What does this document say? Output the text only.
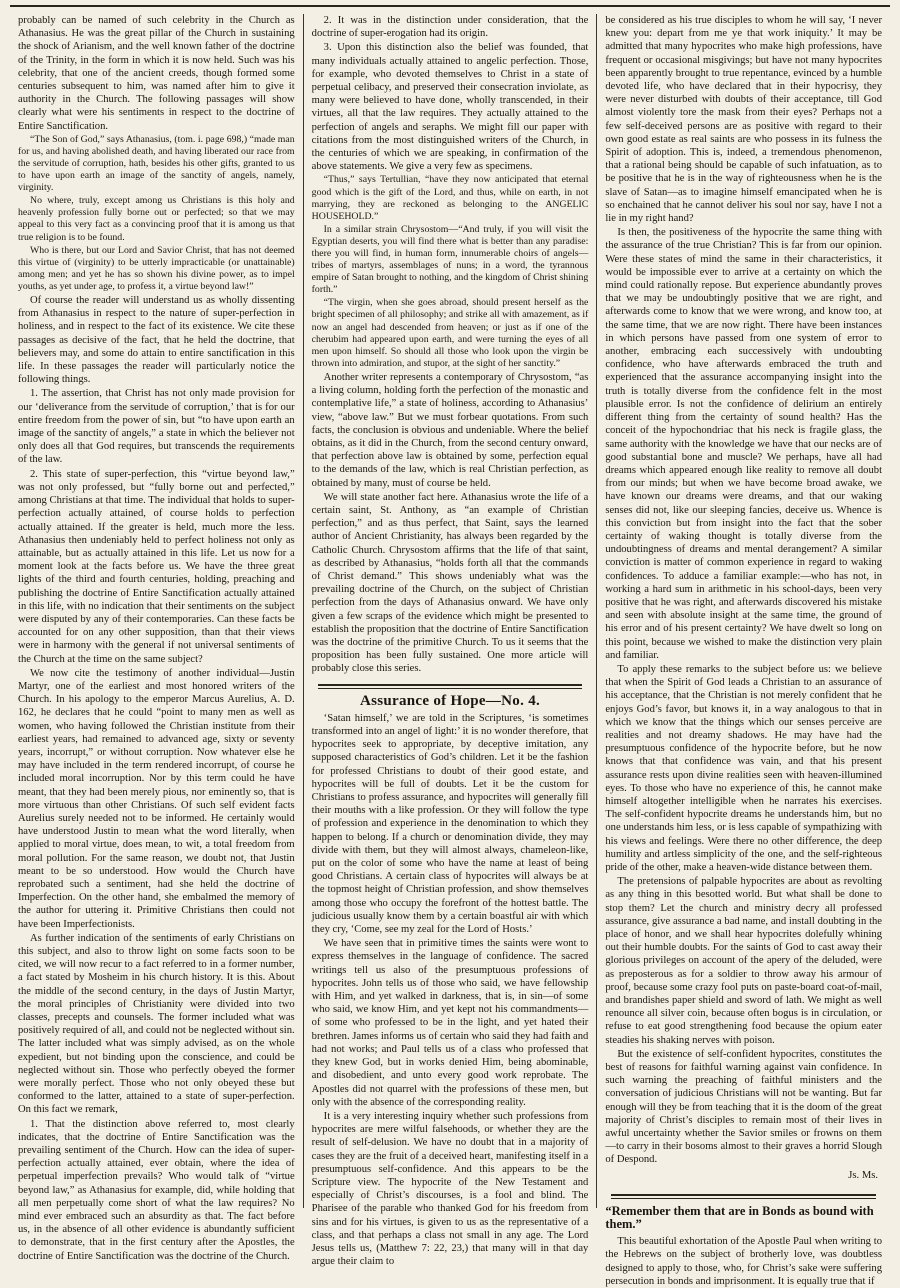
probably can be named of such celebrity in the Church as Athanasius. He was the great pillar of the Church in sustaining the shock of Arianism, and the well known father of the doctrine of the Trinity, in the form in which it is now held. Such was his celebrity, that one of the ancient creeds, though formed some centuries subsequent to him, was named after him to give it authority in the Church. The following passages will show clearly what were his sentiments in respect to the doctrine of Entire Sanctification.

“The Son of God,” says Athanasius, (tom. i. page 698,) “made man for us, and having abolished death, and having liberated our race from the servitude of corruption, hath, besides his other gifts, granted to us to have upon earth an image of the sanctity of angels, namely, virginity.

No where, truly, except among us Christians is this holy and heavenly profession fully borne out or perfected; so that we may appeal to this very fact as a convincing proof that it is among us that true religion is to be found.

Who is there, but our Lord and Savior Christ, that has not deemed this virtue of (virginity) to be utterly impracticable (or unattainable) among men; and yet he has so shown his divine power, as to impel youths, as yet under age, to profess it, a virtue beyond law!”

Of course the reader will understand us as wholly dissenting from Athanasius in respect to the nature of super-perfection in holiness, and in respect to the fact of its existence. We cite these passages as decisive of the fact, that he held the doctrine, that believers may, and some do attain to entire sanctification in this life. In these passages the reader will particularly notice the following things.

1. The assertion, that Christ has not only made provision for our ‘deliverance from the servitude of corruption,’ that is for our entire freedom from the power of sin, but “to have upon earth an image of the sanctity of angels,” a state in which the believer not only does all that God requires, but transcends the requirements of the law.

2. This state of super-perfection, this “virtue beyond law,” was not only professed, but “fully borne out and perfected,” among Christians at that time. The individual that holds to super-perfection actually attained, of course holds to perfection actually attained. If the greater is held, much more the less. Athanasius then undeniably held to perfect holiness not only as attainable, but as actually attained in this life. Let us now for a moment look at the facts before us. We have the three great lights of the third and fourth centuries, holding, preaching and publishing the doctrine of Entire Sanctification actually attained in this life, with no indication that their sentiments on the subject were disputed by any of their contemporaries. Can these facts be accounted for on any other supposition, than that their views were in harmony with the general if not universal sentiments of the Church at the time on the same subject?

We now cite the testimony of another individual—Justin Martyr, one of the earliest and most honored writers of the Church. In his apology to the emperor Marcus Aurelius, A. D. 162, he declares that he could “point to many men as well as women, who having followed the Christian institute from their earliest years, had remained to advanced age, sixty or seventy years, incorrupt,” or without corruption. Now whatever else he may have included in the term rendered incorrupt, of course he included moral incorruption. Nor by this term could he have meant, that they had been merely pious, nor eminently so, that is more virtuous than other Christians. Of such self evident facts Aurelius surely needed not to be informed. He certainly would have understood Justin to mean what the word literally, when applied to moral virtue, does mean, to wit, a total freedom from moral pollution. For the same reason, we doubt not, that Justin meant to be so understood. How would the Church have reprobated such a sentiment, had she held the doctrine of Imperfection. On the other hand, she embalmed the memory of the author for uttering it. Primitive Christians then could not have been Imperfectionists.

As further indication of the sentiments of early Christians on this subject, and also to throw light on some facts soon to be cited, we will now recur to a fact referred to in a former number, a fact stated by Mosheim in his church history. It is this. About the middle of the second century, in the days of Justin Martyr, the moral principles of Christianity were divided into two classes, precepts and counsels. The former included what was positively required of all, and could not be neglected without sin. The latter included what was simply advised, as on the whole expedient, but not binding upon the conscience, and could be neglected without sin. Those who perfectly obeyed the former were morally perfect. Those who not only obeyed these but conformed to the latter, attained to a state of super-perfection. On this fact we remark,

1. That the distinction above referred to, most clearly indicates, that the doctrine of Entire Sanctification was the prevailing sentiment of the Church. How can the idea of super-perfection actually attained, ever obtain, where the idea of perpetual imperfection prevails? Who would talk of “virtue beyond law,” as Athanasius for example, did, while holding that all men perpetually come short of what the law requires? No mind ever embraced such an absurdity as that. The fact before us, in the absence of all other evidence is abundantly sufficient to demonstrate, that in the first century after the Apostles, the doctrine of Entire Sanctification was the doctrine of the Church.

2. It was in the distinction under consideration, that the doctrine of super-erogation had its origin.

3. Upon this distinction also the belief was founded, that many individuals actually attained to angelic perfection. Those, for example, who devoted themselves to Christ in a state of perpetual celibacy, and preserved their consecration inviolate, as many were believed to have done, wholly transcended, in their virtues, all that the law requires. They actually attained to the perfection of angels and seraphs. We might fill our paper with citations from the most distinguished writers of the Church, in the centuries of which we are speaking, in confirmation of the above statements. We give a very few as specimens.

“Thus,” says Tertullian, “have they now anticipated that eternal good which is the gift of the Lord, and thus, while on earth, in not marrying, they are reckoned as belonging to the ANGELIC HOUSEHOLD.”

In a similar strain Chrysostom—“And truly, if you will visit the Egyptian deserts, you will find there what is better than any paradise: there you will find, in human form, innumerable choirs of angels—tribes of martyrs, assemblages of nuns; in a word, the tyrannous empire of Satan brought to nothing, and the kingdom of Christ shining forth.”

“The virgin, when she goes abroad, should present herself as the bright specimen of all philosophy; and strike all with amazement, as if now an angel had descended from heaven; or just as if one of the cherubim had appeared upon earth, and were turning the eyes of all men upon himself. So should all those who look upon the virgin be thrown into admiration, and stupor, at the sight of her sanctity.”

Another writer represents a contemporary of Chrysostom, “as a living column, holding forth the perfection of the monastic and contemplative life,” a state of holiness, according to Athanasius’ view, “above law.” But we must forbear quotations. From such facts, the conclusion is obvious and undeniable. Where the belief obtains, as it did in the Church, from the second century onward, that perfection above law is obtained by some, perfection equal to the demands of the law, which is real Christian perfection, as obtained by many, must of course be held.

We will state another fact here. Athanasius wrote the life of a certain saint, St. Anthony, as “an example of Christian perfection,” and as thus perfect, that Saint, says the learned author of Ancient Christianity, has always been regarded by the Catholic Church. Chrysostom affirms that the life of that saint, as described by Athanasius, “holds forth all that the commands of Christ demand.” This shows undeniably what was the prevailing doctrine of the Church, on the subject of Christian perfection from the days of Athanasius onward. We have only given a few scraps of the evidence which might be presented to establish the proposition that the doctrine of Entire Sanctification was the doctrine of the primitive Church. To us it seems that the proposition has been fully sustained. One more article will probably close this series.

Assurance of Hope—No. 4.

‘Satan himself,’ we are told in the Scriptures, ‘is sometimes transformed into an angel of light:’ it is no wonder therefore, that hypocrites seek to appropriate, by deceptive imitation, any supposed characteristics of God’s children. Let it be the fashion for professed Christians to doubt of their good estate, and hypocrites will be full of doubts. Let it be the custom for Christians to profess assurance, and hypocrites will generally fill their mouths with a like profession. Or they will follow the type of profession and experience in the denomination to which they happen to belong. If a church or denomination divide, they may divide with them, but they will almost always, chameleon-like, put on the color of some who have the name at least of being good Christians. A certain class of hypocrites will always be at the topmost height of Christian profession, and show themselves among those who occupy the forefront of the hottest battle. The judicious usually know them by a certain boastful air with which they cry, ‘Come, see my zeal for the Lord of Hosts.’

We have seen that in primitive times the saints were wont to express themselves in the language of confidence. The sacred writings tell us also of the presumptuous professions of hypocrites. John tells us of those who said, we have fellowship with Him, and yet walked in darkness, that is, in sin—of some who said, we know Him, and yet kept not his commandments—of some who professed to be in the light, and yet hated their brethren. James informs us of certain who said they had faith and had not works; and Paul tells us of a class who professed that they knew God, but in works denied Him, being abominable, and disobedient, and unto every good work reprobate. The Apostles did not quarrel with the professions of these men, but only with the absence of the corresponding reality.

It is a very interesting inquiry whether such professions from hypocrites are mere wilful falsehoods, or whether they are the result of self-delusion. We have no doubt that in a majority of cases they are the fruit of a deceived heart, manifesting itself in a presumptuous self-confidence. And this appears to be the Scripture view. The hypocrite of the New Testament and especially of Christ’s discourses, is a fool and blind. The Pharisee of the parable who thanked God for his freedom from sins and for his virtues, is given to us as the representative of a class, and that perhaps a class not small in any age. The Lord Jesus tells us, (Matthew 7: 22, 23,) that many will in that day argue their claim to

be considered as his true disciples to whom he will say, ‘I never knew you: depart from me ye that work iniquity.’ It may be admitted that many hypocrites who make high professions, have frequent or occasional misgivings; but have not many hypocrites been apparently brought to true repentance, evinced by a humble devoted life, who have declared that in their hypocrisy, they were never disturbed with doubts of their acceptance, till God almost violently tore the mask from their eyes? Perhaps not a few self-deceived persons are as positive with regard to their own good estate as real saints are who possess in its fulness the Spirit of adoption. This is, indeed, a tremendous phenomenon, that a rational being should be capable of such infatuation, as to be positive that he is in the way of righteousness when he is the slave of Satan—as to imagine himself emancipated when he is so enchained that he cannot deliver his soul nor say, have I not a lie in my right hand?

Is then, the positiveness of the hypocrite the same thing with the assurance of the true Christian? This is far from our opinion. Were these states of mind the same in their characteristics, it would be impossible ever to arrive at a certainty on which the mind could rationally repose. But experience abundantly proves that we may be undoubtingly positive that we are right, and afterwards come to know that we were wrong, and know too, at the same time, that we are now right. There have been instances in which persons have passed from one system of error to another, embracing each successively with undoubting confidence, who have afterwards embraced the truth and experienced that the assurance accompanying insight into the truth is totally diverse from the confidence felt in the most plausible error. Is not the confidence of delirium an entirely different thing from the certainty of sound health? Has the conceit of the hypochondriac that his neck is fragile glass, the same authority with the knowledge we have that our necks are of good substantial bone and muscle? We perhaps, have all had dreams which appeared enough like reality to remove all doubt from our minds; but when we have become broad awake, we have known our dreams were dreams, and that our waking senses did not, like our sleeping fancies, deceive us. Whence is this conviction but from insight into the fact that the sober certainty of waking thought is totally diverse from the undoubtingness of dreams and mental derangement? A similar conviction is matter of common experience in regard to waking confidences. To adduce a familiar example:—who has not, in working a hard sum in arithmetic in his school-days, been very positive that he was right, and afterwards discovered his mistake and seen with absolute insight at the same time, the ground of his error and of his present certainty? We have dwelt so long on this point, because we wished to make the distinction very plain and familiar.

To apply these remarks to the subject before us: we believe that when the Spirit of God leads a Christian to an assurance of his acceptance, that the Christian is not merely confident that he enjoys God’s favor, but knows it, in a way analogous to that in which we know that the things which our senses perceive are realities and not dreamy shadows. He may have had the presumptuous confidence of the hypocrite before, but he now knows that that confidence was vain, and that his present assurance rests upon divine realities seen with heaven-illumined eyes. To those who have no experience of this, he cannot make himself altogether intelligible when he narrates his exercises. The self-confident hypocrite dreams he understands him, but no one understands him less, or is less capable of sympathizing with his views and feelings. Were there no other difference, the deep humility and artless simplicity of the one, and the self-righteous pride of the other, make a heaven-wide distance between them.

The pretensions of palpable hypocrites are about as revolting as any thing in this besotted world. But what shall be done to stop them? Let the church and ministry decry all professed assurance, give assurance a bad name, and install doubting in the place of honor, and we shall hear hypocrites dolefully whining out their humble doubts. For the saints of God to cast away their glorious privileges on account of the apery of the deluded, were as preposterous as for a soldier to throw away his armour of proof, because some crazy fool puts on paste-board coat-of-mail, and brandishes paper shield and sword of lath. We might as well renounce all silver coin, because often bogus is in circulation, or refuse to eat good strengthening food because the opium eater steadies his shaking nerves with poison.

But the existence of self-confident hypocrites, constitutes the best of reasons for faithful warning against vain confidence. In such warning the preaching of faithful ministers and the conversation of judicious Christians will not be wanting. But far enough will they be from teaching that it is the doom of the great majority of Christ’s disciples to remain most of their lives in awful uncertainty whether the Savior smiles or frowns on them—to carry in their bosoms almost to their graves a horrid Slough of Despond.

Js. Ms.
“Remember them that are in Bonds as bound with them.”

This beautiful exhortation of the Apostle Paul when writing to the Hebrews on the subject of brotherly love, was doubtless designed to apply to those, who, for Christ’s sake were suffering persecution in bonds and imprisonment. It is equally true that if
